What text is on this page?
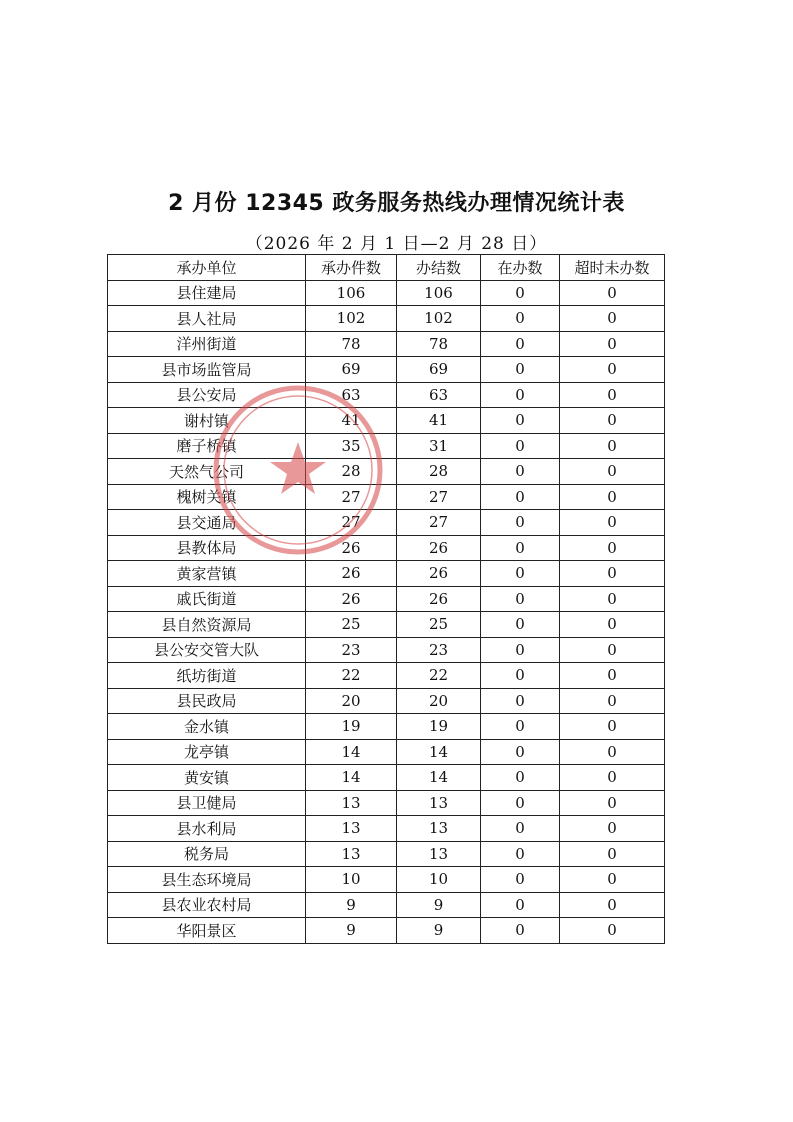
2 月份 12345 政务服务热线办理情况统计表
（2026 年 2 月 1 日—2 月 28 日）
承办单位	承办件数	办结数	在办数	超时未办数
县住建局	106	106	0	0
县人社局	102	102	0	0
洋州街道	78	78	0	0
县市场监管局	69	69	0	0
县公安局	63	63	0	0
谢村镇	41	41	0	0
磨子桥镇	35	31	0	0
天然气公司	28	28	0	0
槐树关镇	27	27	0	0
县交通局	27	27	0	0
县教体局	26	26	0	0
黄家营镇	26	26	0	0
戚氏街道	26	26	0	0
县自然资源局	25	25	0	0
县公安交管大队	23	23	0	0
纸坊街道	22	22	0	0
县民政局	20	20	0	0
金水镇	19	19	0	0
龙亭镇	14	14	0	0
黄安镇	14	14	0	0
县卫健局	13	13	0	0
县水利局	13	13	0	0
税务局	13	13	0	0
县生态环境局	10	10	0	0
县农业农村局	9	9	0	0
华阳景区	9	9	0	0
